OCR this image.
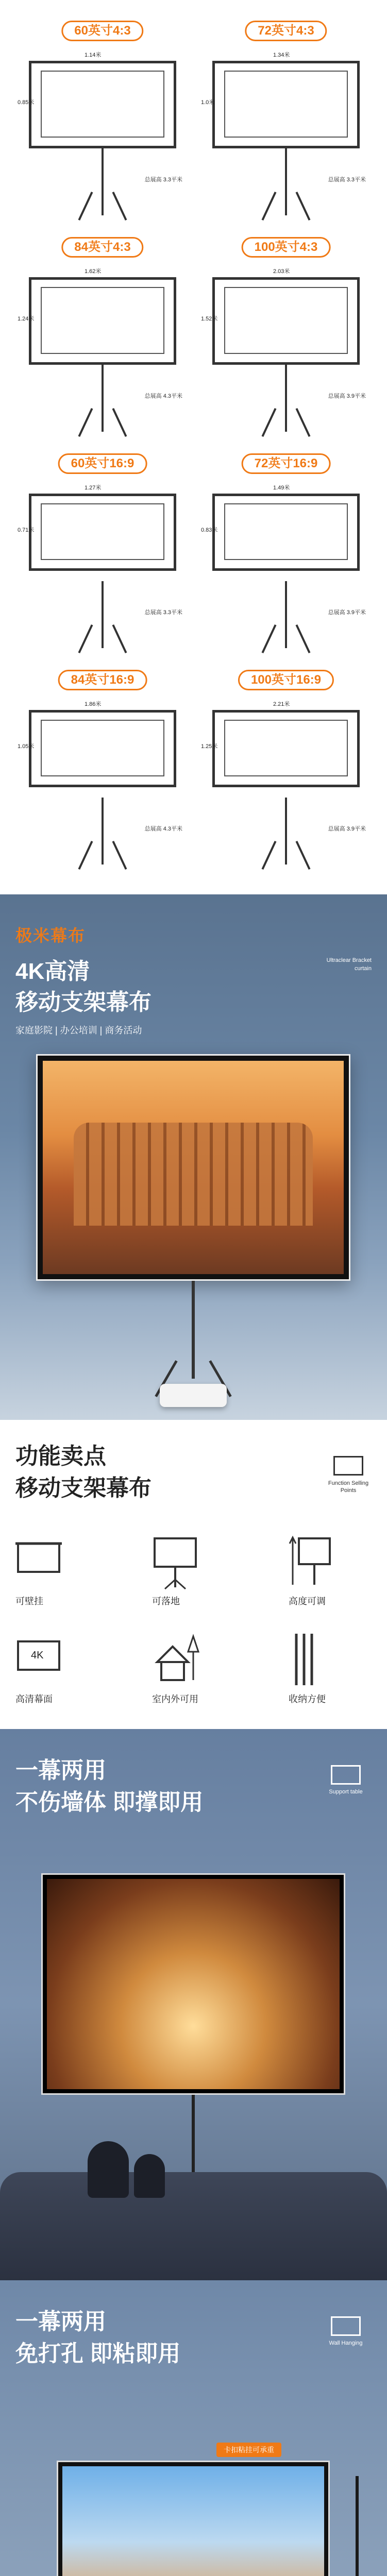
60英寸4:3
1.14米
0.85米
总展高 3.3平米
72英寸4:3
1.34米
1.0米
总展高 3.3平米
84英寸4:3
1.62米
1.24米
总展高 4.3平米
100英寸4:3
2.03米
1.52米
总展高 3.9平米
60英寸16:9
1.27米
0.71米
总展高 3.3平米
72英寸16:9
1.49米
0.83米
总展高 3.9平米
84英寸16:9
1.86米
1.05米
总展高 4.3平米
100英寸16:9
2.21米
1.25米
总展高 3.9平米
极米幕布
4K高清
移动支架幕布
家庭影院 | 办公培训 | 商务活动
Ultraclear Bracket curtain
功能卖点
移动支架幕布	Function Selling Points
可壁挂	可落地	高度可调
4K
高清幕面	室内外可用	收纳方便
一幕两用
不伤墙体 即撑即用	Support table
一幕两用
免打孔 即粘即用	Wall Hanging
卡扣粘挂可承重
